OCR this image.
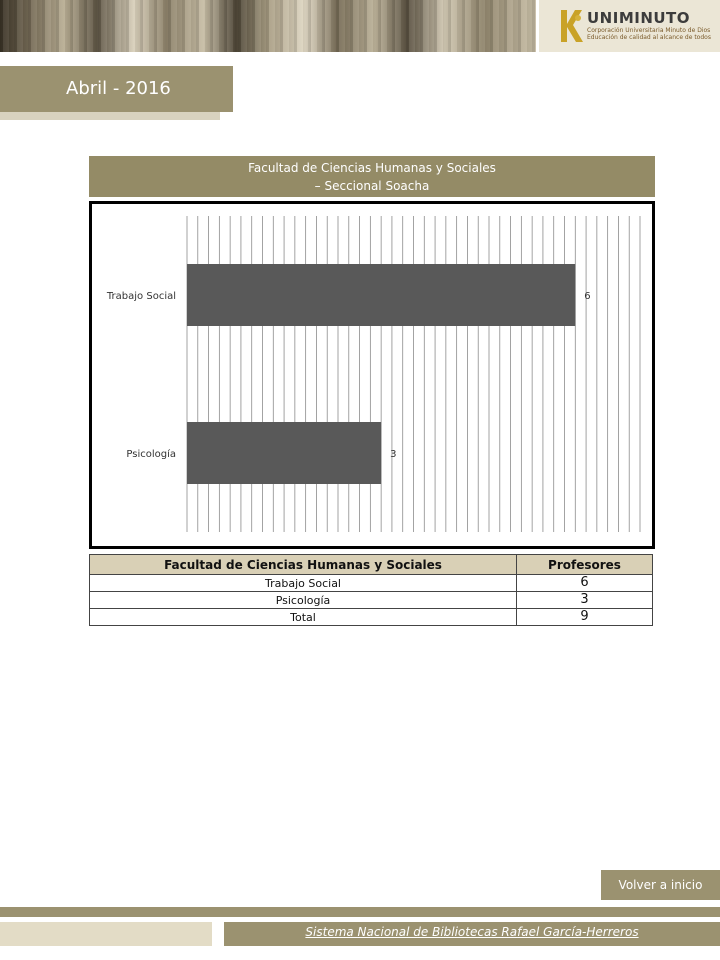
UNIMINUTO
Corporación Universitaria Minuto de Dios
Educación de calidad al alcance de todos
Abril - 2016
Facultad de Ciencias Humanas y Sociales
– Seccional Soacha
Trabajo Social	6
Psicología	3
Facultad de Ciencias Humanas y Sociales	Profesores
Trabajo Social	6
Psicología	3
Total	9
Volver a inicio
Sistema Nacional de Bibliotecas Rafael García-Herreros
